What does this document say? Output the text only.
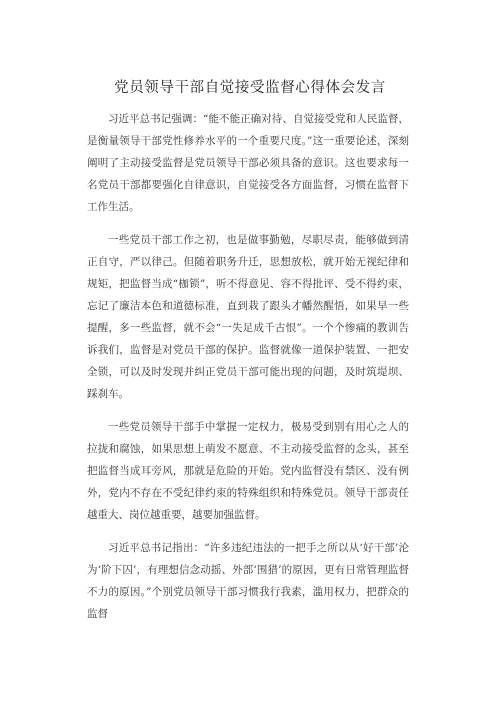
党员领导干部自觉接受监督心得体会发言

习近平总书记强调：“能不能正确对待、自觉接受党和人民监督，是衡量领导干部党性修养水平的一个重要尺度。”这一重要论述，深刻阐明了主动接受监督是党员领导干部必须具备的意识。这也要求每一名党员干部都要强化自律意识，自觉接受各方面监督，习惯在监督下工作生活。

一些党员干部工作之初，也是做事勤勉，尽职尽责，能够做到清正自守，严以律己。但随着职务升迁，思想放松，就开始无视纪律和规矩，把监督当成“枷锁”，听不得意见、容不得批评、受不得约束，忘记了廉洁本色和道德标准，直到栽了跟头才幡然醒悟，如果早一些提醒，多一些监督，就不会“一失足成千古恨”。一个个惨痛的教训告诉我们，监督是对党员干部的保护。监督就像一道保护装置、一把安全锁，可以及时发现并纠正党员干部可能出现的问题，及时筑堤坝、踩刹车。

一些党员领导干部手中掌握一定权力，极易受到别有用心之人的拉拢和腐蚀，如果思想上萌发不愿意、不主动接受监督的念头，甚至把监督当成耳旁风，那就是危险的开始。党内监督没有禁区、没有例外，党内不存在不受纪律约束的特殊组织和特殊党员。领导干部责任越重大、岗位越重要，越要加强监督。

习近平总书记指出：“许多违纪违法的一把手之所以从‘好干部’沦为‘阶下囚’，有理想信念动摇、外部‘围猎’的原因，更有日常管理监督不力的原因。”个别党员领导干部习惯我行我素，滥用权力，把群众的监督
